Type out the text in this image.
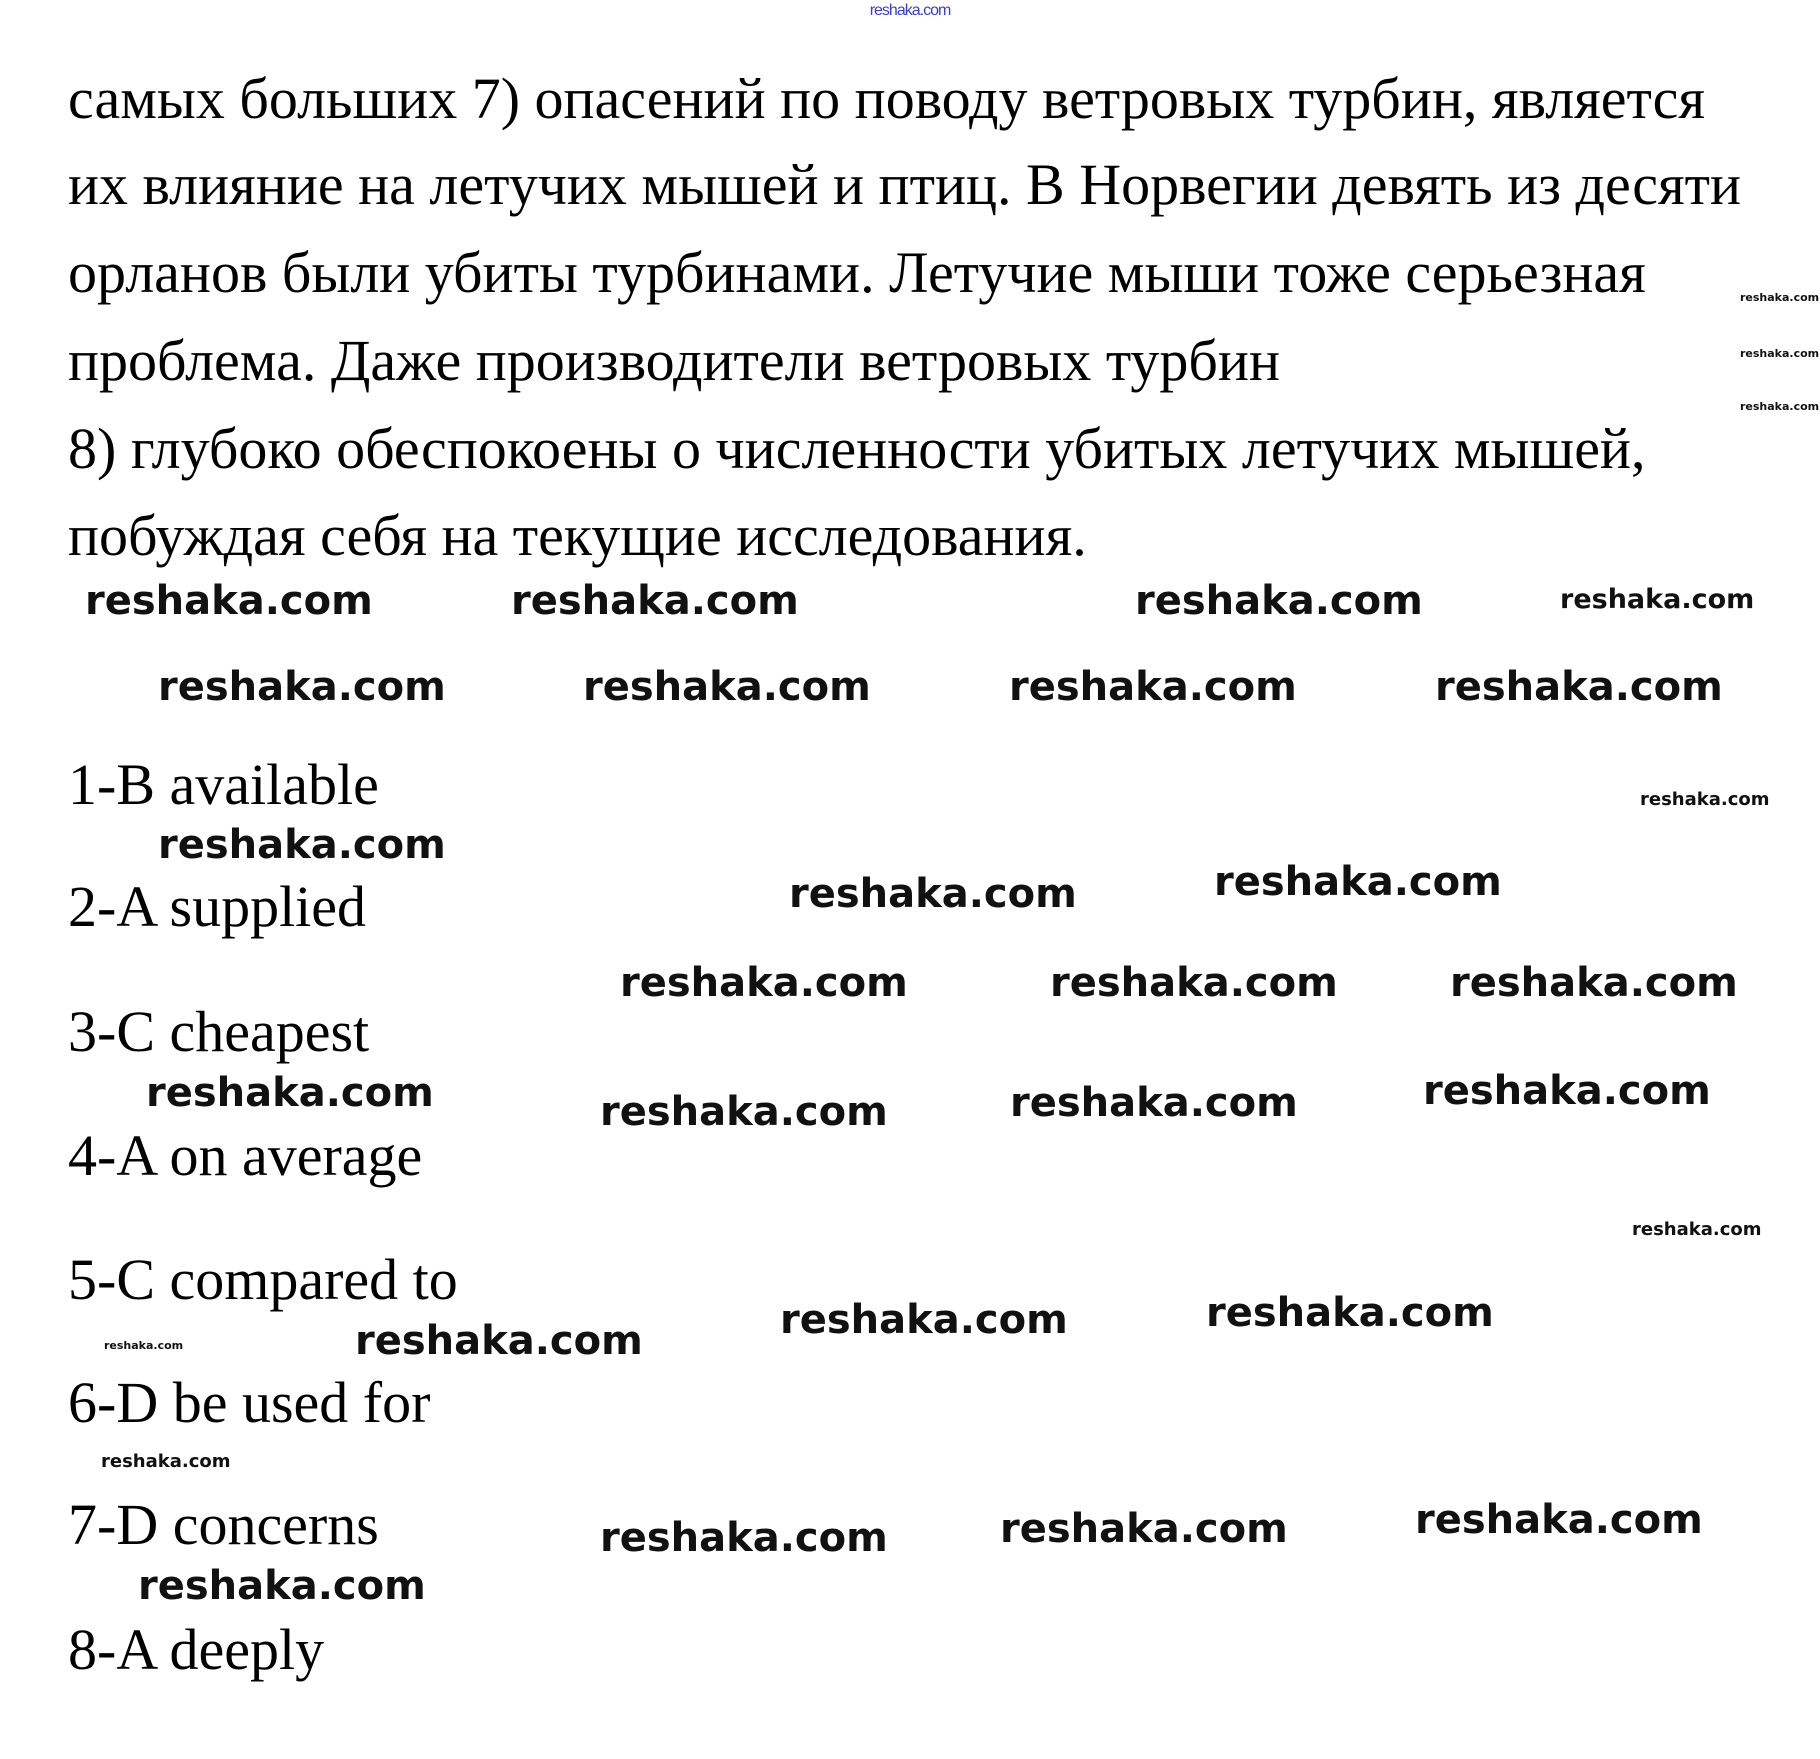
reshaka.com
самых больших 7) опасений по поводу ветровых турбин, является
их влияние на летучих мышей и птиц. В Норвегии девять из десяти
орланов были убиты турбинами. Летучие мыши тоже серьезная
проблема. Даже производители ветровых турбин
8) глубоко обеспокоены о численности убитых летучих мышей,
побуждая себя на текущие исследования.
1-B available
2-A supplied
3-C cheapest
4-A on average
5-C compared to
6-D be used for
7-D concerns
8-A deeply
reshaka.com
reshaka.com
reshaka.com
reshaka.com	reshaka.com	reshaka.com	reshaka.com
reshaka.com	reshaka.com	reshaka.com	reshaka.com
reshaka.com
reshaka.com
reshaka.com	reshaka.com
reshaka.com	reshaka.com	reshaka.com
reshaka.com	reshaka.com	reshaka.com	reshaka.com
reshaka.com
reshaka.com	reshaka.com
reshaka.com
reshaka.com
reshaka.com
reshaka.com	reshaka.com	reshaka.com
reshaka.com
